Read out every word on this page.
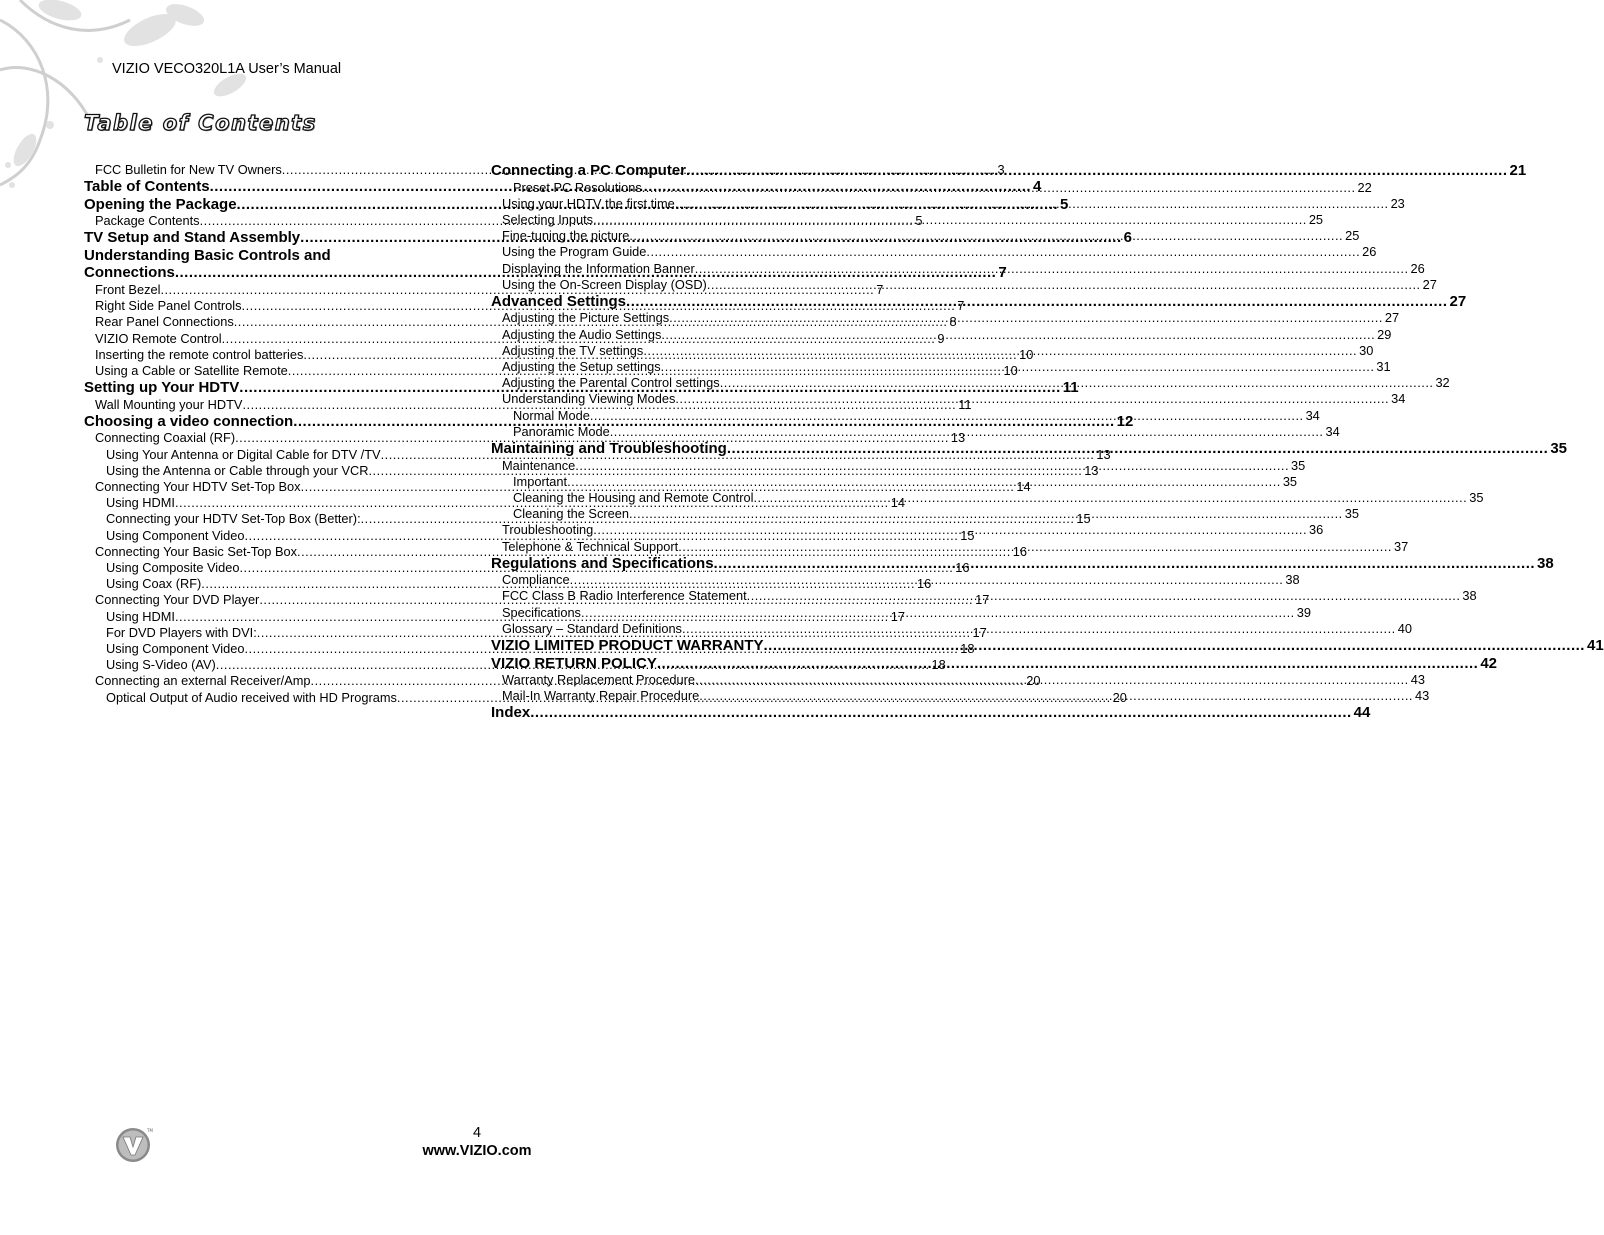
VIZIO VECO320L1A User’s Manual
Table of Contents
FCC Bulletin for New TV Owners .....	3
Table of Contents .....	4
Opening the Package .....	5
Package Contents .....	5
TV Setup and Stand Assembly .....	6
Understanding Basic Controls and
Connections .....	7
Front Bezel .....	7
Right Side Panel Controls .....	7
Rear Panel Connections .....	8
VIZIO Remote Control .....	9
Inserting the remote control batteries .....	10
Using a Cable or Satellite Remote .....	10
Setting up Your HDTV .....	11
Wall Mounting your HDTV .....	11
Choosing a video connection .....	12
Connecting Coaxial (RF) .....	13
Using Your Antenna or Digital Cable for DTV /TV .....	13
Using the Antenna or Cable through your VCR .....	13
Connecting Your HDTV Set-Top Box .....	14
Using HDMI .....	14
Connecting your HDTV Set-Top Box (Better): .....	15
Using Component Video .....	15
Connecting Your Basic Set-Top Box .....	16
Using Composite Video .....	16
Using Coax (RF) .....	16
Connecting Your DVD Player .....	17
Using HDMI .....	17
For DVD Players with DVI: .....	17
Using Component Video .....	18
Using S-Video (AV) .....	18
Connecting an external Receiver/Amp .....	20
Optical Output of Audio received with HD Programs .....	20
Connecting a PC Computer .....	21
Preset PC Resolutions .....	22
Using your HDTV the first time .....	23
Selecting Inputs .....	25
Fine-tuning the picture .....	25
Using the Program Guide .....	26
Displaying the Information Banner .....	26
Using the On-Screen Display (OSD) .....	27
Advanced Settings .....	27
Adjusting the Picture Settings .....	27
Adjusting the Audio Settings .....	29
Adjusting the TV settings .....	30
Adjusting the Setup settings .....	31
Adjusting the Parental Control settings .....	32
Understanding Viewing Modes .....	34
Normal Mode .....	34
Panoramic Mode .....	34
Maintaining and Troubleshooting .....	35
Maintenance .....	35
Important .....	35
Cleaning the Housing and Remote Control .....	35
Cleaning the Screen .....	35
Troubleshooting .....	36
Telephone & Technical Support .....	37
Regulations and Specifications .....	38
Compliance .....	38
FCC Class B Radio Interference Statement .....	38
Specifications .....	39
Glossary – Standard Definitions .....	40
VIZIO LIMITED PRODUCT WARRANTY .....	41
VIZIO RETURN POLICY .....	42
Warranty Replacement Procedure .....	43
Mail-In Warranty Repair Procedure .....	43
Index .....	44
TM	4
www.VIZIO.com
